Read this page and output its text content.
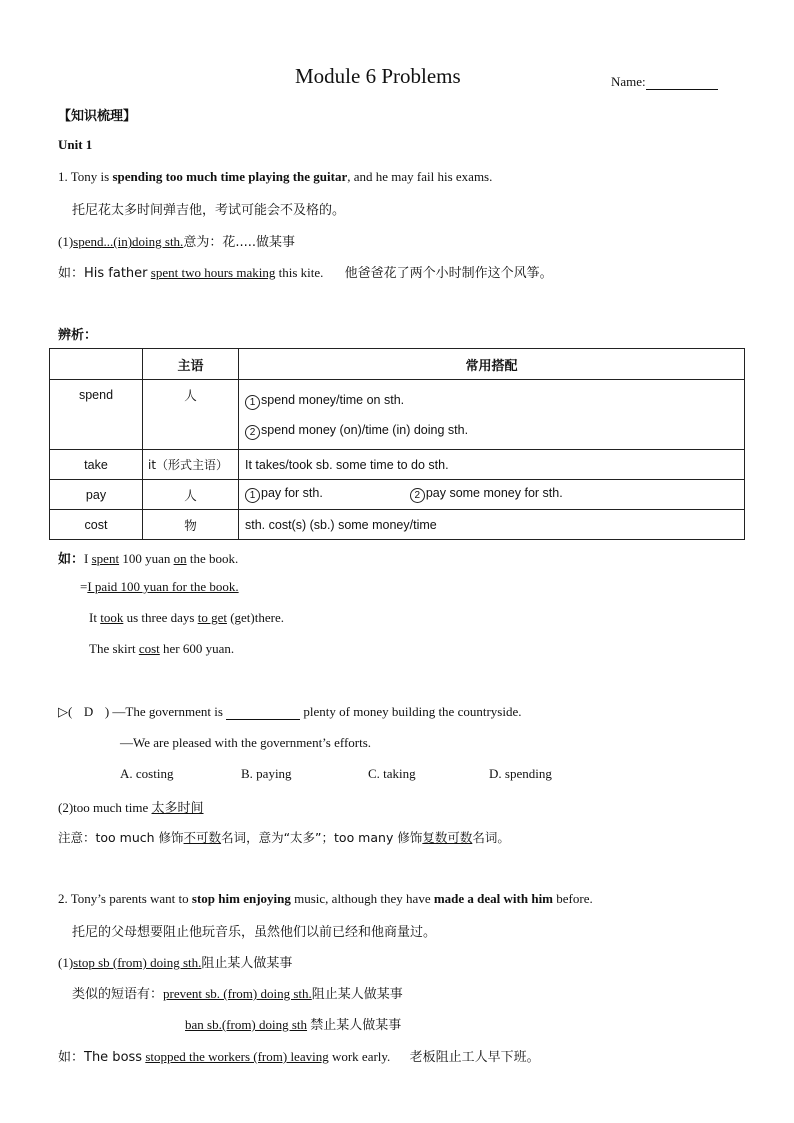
Module 6 Problems	Name:
【知识梳理】
Unit 1
1. Tony is spending too much time playing the guitar, and he may fail his exams.
托尼花太多时间弹吉他，考试可能会不及格的。
(1)spend...(in)doing sth.意为：花.....做某事
如：His father spent two hours making this kite. 他爸爸花了两个小时制作这个风筝。
辨析：
	主语	常用搭配
spend	人	1 spend money/time on sth.
2 spend money (on)/time (in) doing sth.

take	it（形式主语）	It takes/took sb. some time to do sth.
pay	人	1 pay for sth. 2 pay some money for sth.
cost	物	sth. cost(s) (sb.) some money/time
如：I spent 100 yuan on the book.
=I paid 100 yuan for the book.
It took us three days to get (get)there.
The skirt cost her 600 yuan.
▷( D ) —The government is	plenty of money building the countryside.
—We are pleased with the government’s efforts.
A. costing	B. paying	C. taking	D. spending
(2)too much time 太多时间
注意：too much 修饰不可数名词，意为“太多”；too many 修饰复数可数名词。
2. Tony’s parents want to stop him enjoying music, although they have made a deal with him before.
托尼的父母想要阻止他玩音乐，虽然他们以前已经和他商量过。
(1)stop sb (from) doing sth.阻止某人做某事
类似的短语有：prevent sb. (from) doing sth.阻止某人做某事
ban sb.(from) doing sth 禁止某人做某事
如：The boss stopped the workers (from) leaving work early. 老板阻止工人早下班。
